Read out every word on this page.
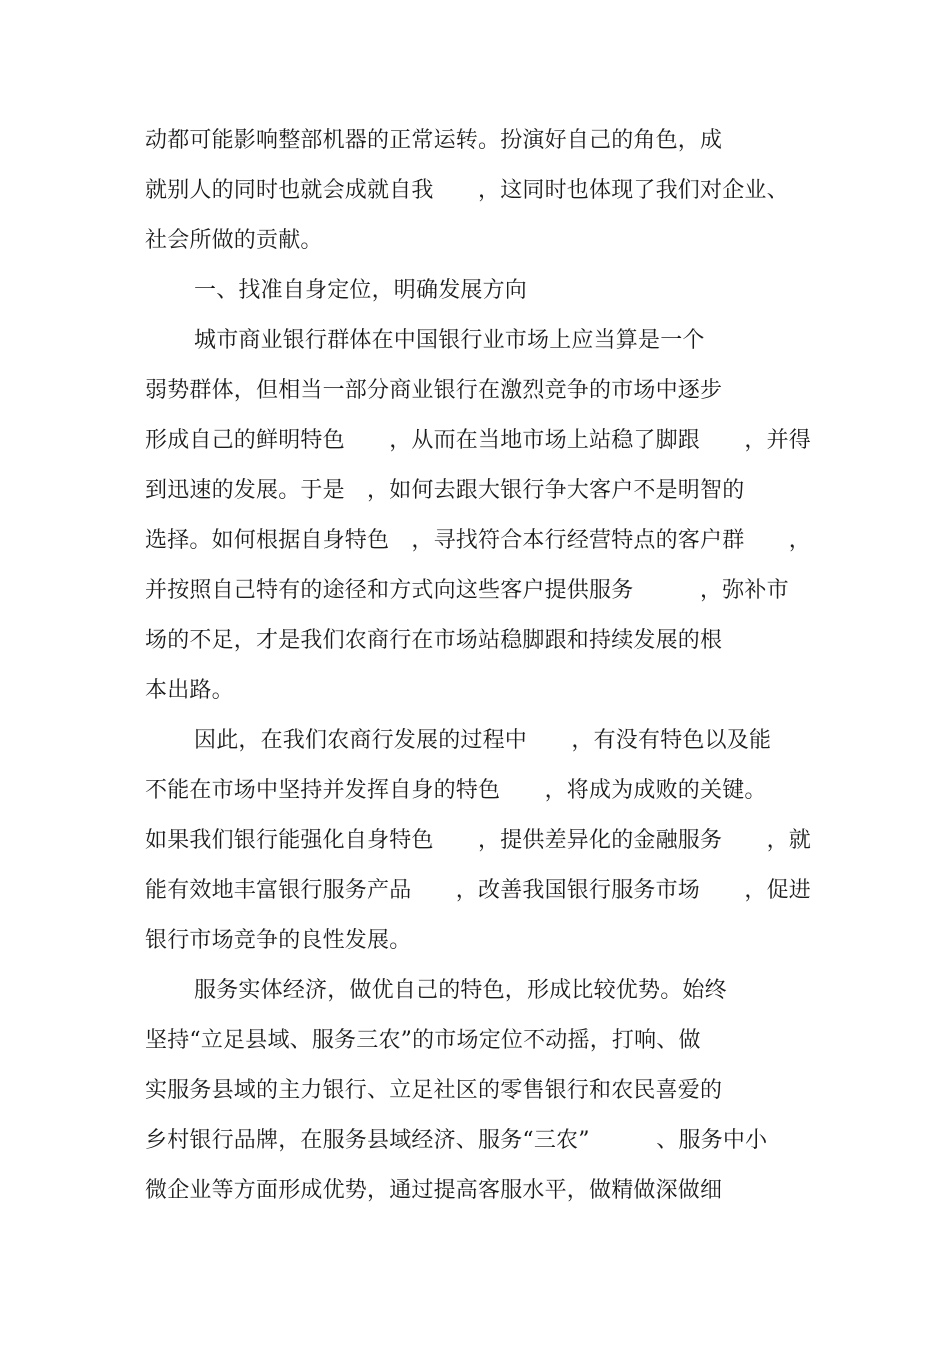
动都可能影响整部机器的正常运转。扮演好自己的角色，成
就别人的同时也就会成就自我　　，这同时也体现了我们对企业、
社会所做的贡献。
一、找准自身定位，明确发展方向
城市商业银行群体在中国银行业市场上应当算是一个
弱势群体，但相当一部分商业银行在激烈竞争的市场中逐步
形成自己的鲜明特色　　，从而在当地市场上站稳了脚跟　　，并得
到迅速的发展。于是　，如何去跟大银行争大客户不是明智的
选择。如何根据自身特色　，寻找符合本行经营特点的客户群　　，
并按照自己特有的途径和方式向这些客户提供服务　　　，弥补市
场的不足，才是我们农商行在市场站稳脚跟和持续发展的根
本出路。
因此，在我们农商行发展的过程中　　，有没有特色以及能
不能在市场中坚持并发挥自身的特色　　，将成为成败的关键。
如果我们银行能强化自身特色　　，提供差异化的金融服务　　，就
能有效地丰富银行服务产品　　，改善我国银行服务市场　　，促进
银行市场竞争的良性发展。
服务实体经济，做优自己的特色，形成比较优势。始终
坚持“立足县域、服务三农”的市场定位不动摇，打响、做
实服务县域的主力银行、立足社区的零售银行和农民喜爱的
乡村银行品牌，在服务县域经济、服务“三农”　　　、服务中小
微企业等方面形成优势，通过提高客服水平，做精做深做细
